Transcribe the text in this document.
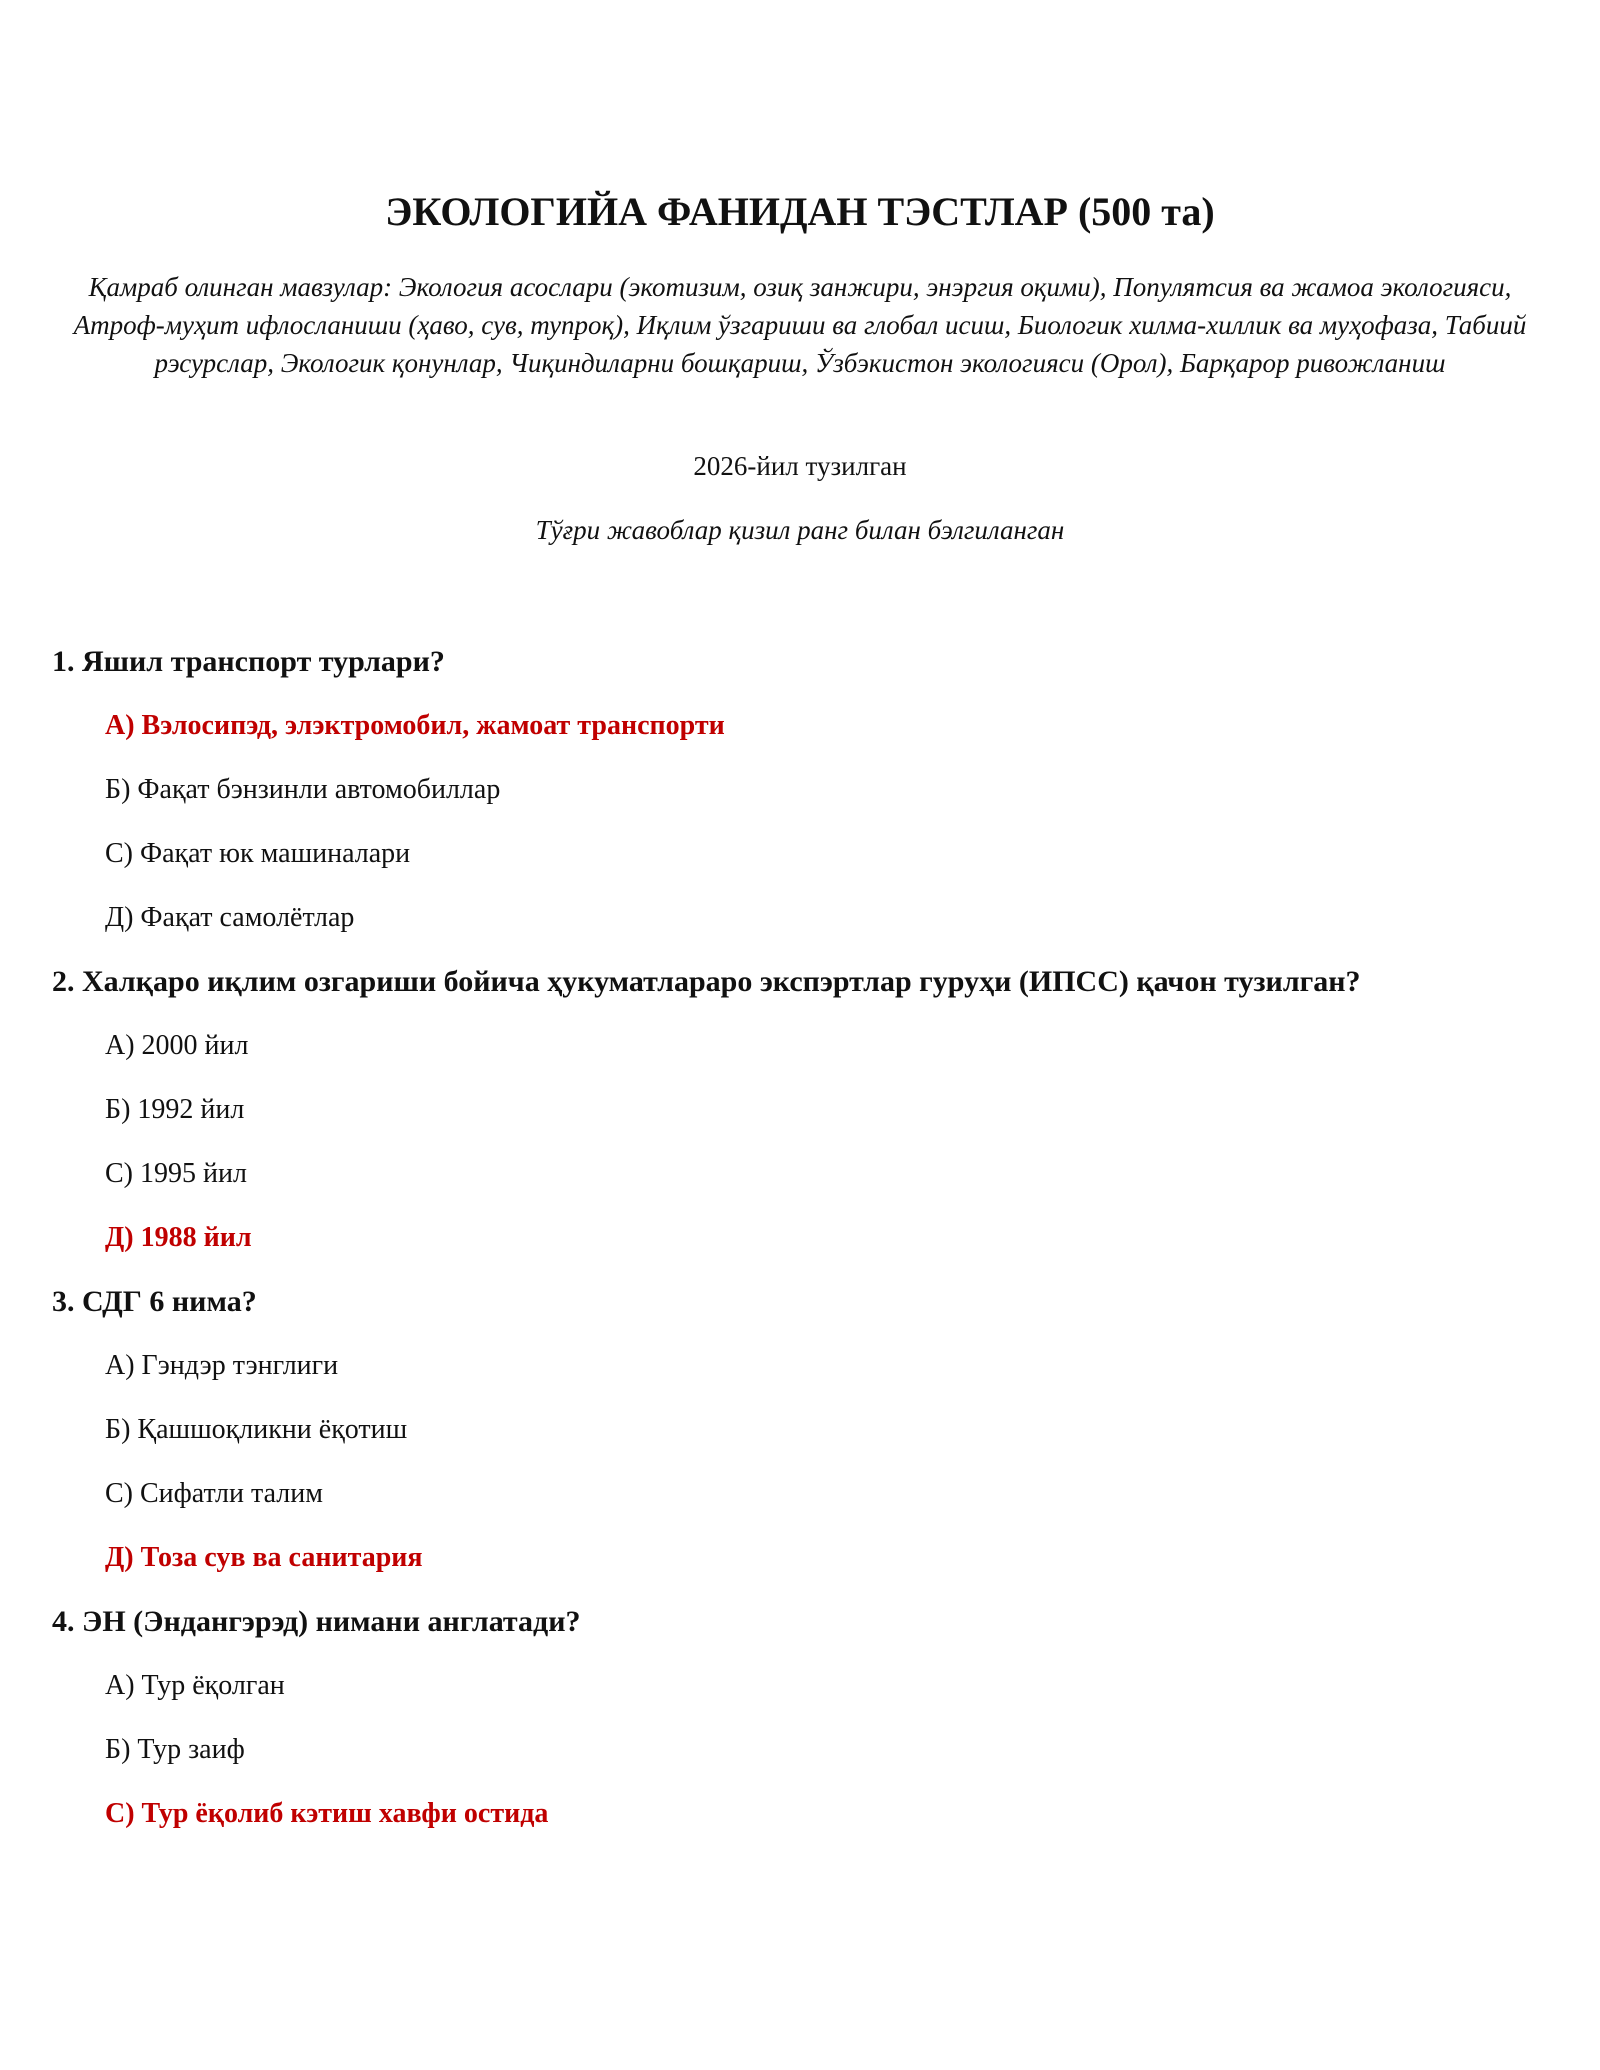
ЭКОЛОГИЙА ФАНИДАН ТЭСТЛАР (500 та)

Қамраб олинган мавзулар: Экология асослари (экотизим, озиқ занжири, энэргия оқими), Популятсия ва жамоа экологияси, Атроф-муҳит ифлосланиши (ҳаво, сув, тупроқ), Иқлим ўзгариши ва глобал исиш, Биологик хилма-хиллик ва муҳофаза, Табиий рэсурслар, Экологик қонунлар, Чиқиндиларни бошқариш, Ўзбэкистон экологияси (Орол), Барқарор ривожланиш

2026-йил тузилган

Тўғри жавоблар қизил ранг билан бэлгиланган

1. Яшил транспорт турлари?
А) Вэлосипэд, элэктромобил, жамоат транспорти
Б) Фақат бэнзинли автомобиллар
С) Фақат юк машиналари
Д) Фақат самолётлар
2. Халқаро иқлим озгариши бойича ҳукуматлараро экспэртлар гуруҳи (ИПСС) қачон тузилган?
А) 2000 йил
Б) 1992 йил
С) 1995 йил
Д) 1988 йил
3. СДГ 6 нима?
А) Гэндэр тэнглиги
Б) Қашшоқликни ёқотиш
С) Сифатли талим
Д) Тоза сув ва санитария
4. ЭН (Эндангэрэд) нимани англатади?
А) Тур ёқолган
Б) Тур заиф
С) Тур ёқолиб кэтиш хавфи остида
